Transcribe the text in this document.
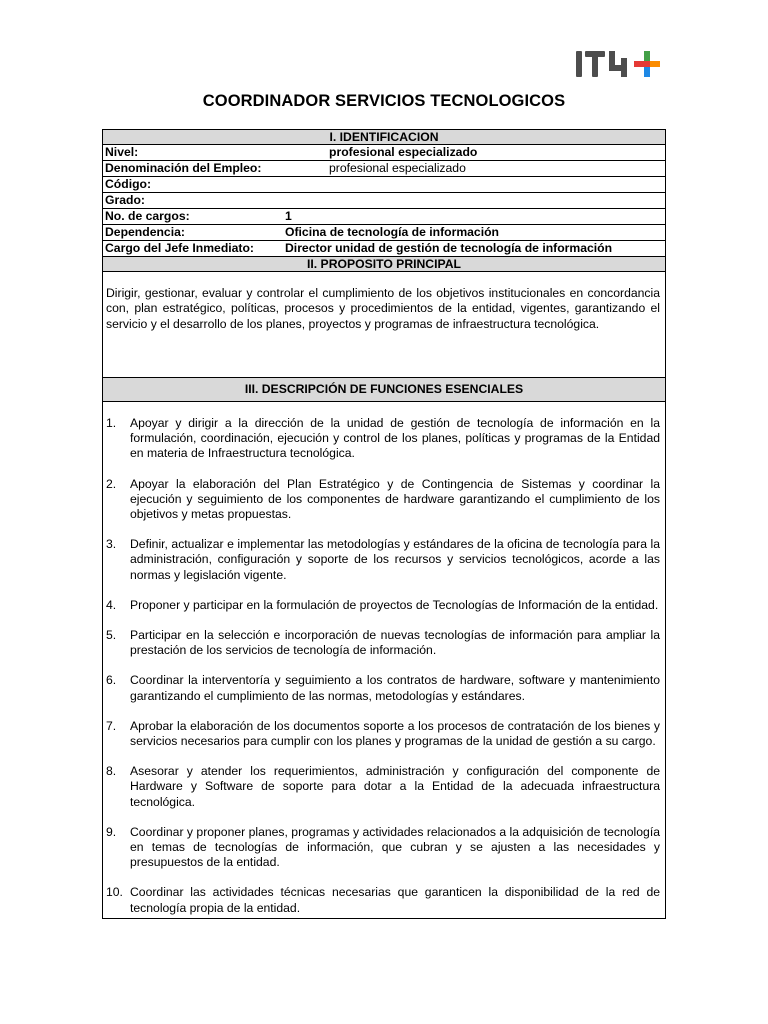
COORDINADOR SERVICIOS TECNOLOGICOS
I. IDENTIFICACION
Nivel:	profesional especializado
Denominación del Empleo:	profesional especializado
Código:
Grado:
No. de cargos:	1
Dependencia:	Oficina de tecnología de información
Cargo del Jefe Inmediato:	Director unidad de gestión de tecnología de información
II. PROPOSITO PRINCIPAL
Dirigir, gestionar, evaluar y controlar el cumplimiento de los objetivos institucionales en concordancia con, plan estratégico, políticas, procesos y procedimientos de la entidad, vigentes, garantizando el servicio y el desarrollo de los planes, proyectos y programas de infraestructura tecnológica.
III. DESCRIPCIÓN DE FUNCIONES ESENCIALES
1.	Apoyar y dirigir a la dirección de la unidad de gestión de tecnología de información en la formulación, coordinación, ejecución y control de los planes, políticas y programas de la Entidad en materia de Infraestructura tecnológica.
2.	Apoyar la elaboración del Plan Estratégico y de Contingencia de Sistemas y coordinar la ejecución y seguimiento de los componentes de hardware garantizando el cumplimiento de los objetivos y metas propuestas.
3.	Definir, actualizar e implementar las metodologías y estándares de la oficina de tecnología para la administración, configuración y soporte de los recursos y servicios tecnológicos, acorde a las normas y legislación vigente.
4.	Proponer y participar en la formulación de proyectos de Tecnologías de Información de la entidad.
5.	Participar en la selección e incorporación de nuevas tecnologías de información para ampliar la prestación de los servicios de tecnología de información.
6.	Coordinar la interventoría y seguimiento a los contratos de hardware, software y mantenimiento garantizando el cumplimiento de las normas, metodologías y estándares.
7.	Aprobar la elaboración de los documentos soporte a los procesos de contratación de los bienes y servicios necesarios para cumplir con los planes y programas de la unidad de gestión a su cargo.
8.	Asesorar y atender los requerimientos, administración y configuración del componente de Hardware y Software de soporte para dotar a la Entidad de la adecuada infraestructura tecnológica.
9.	Coordinar y proponer planes, programas y actividades relacionados a la adquisición de tecnología en temas de tecnologías de información, que cubran y se ajusten a las necesidades y presupuestos de la entidad.
10. Coordinar las actividades técnicas necesarias que garanticen la disponibilidad de la red de tecnología propia de la entidad.
